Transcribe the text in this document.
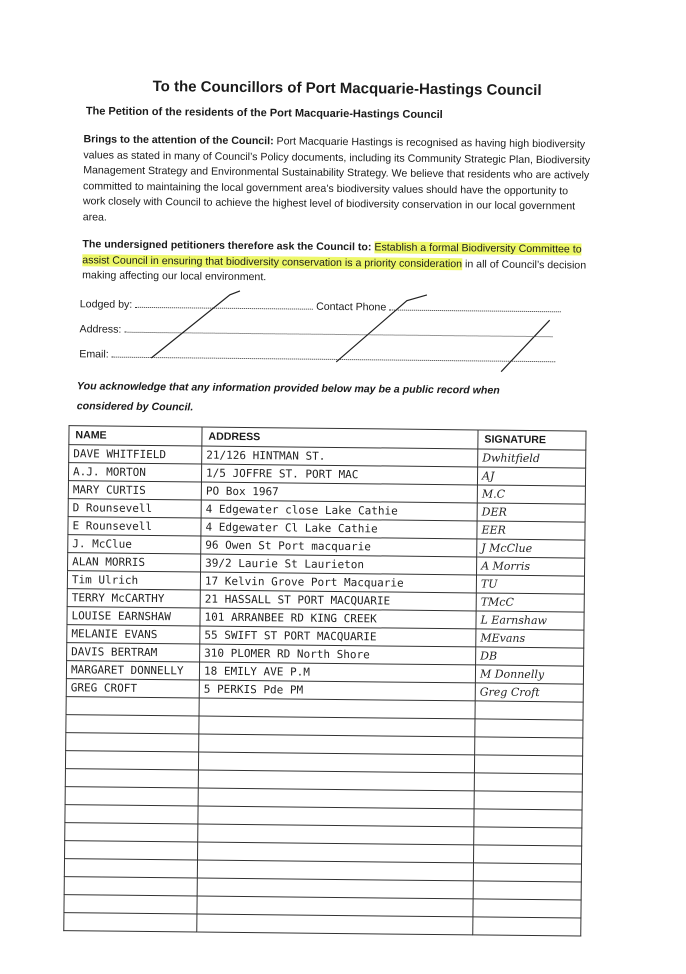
To the Councillors of Port Macquarie-Hastings Council
The Petition of the residents of the Port Macquarie-Hastings Council
Brings to the attention of the Council: Port Macquarie Hastings is recognised as having high biodiversity values as stated in many of Council’s Policy documents, including its Community Strategic Plan, Biodiversity Management Strategy and Environmental Sustainability Strategy. We believe that residents who are actively committed to maintaining the local government area’s biodiversity values should have the opportunity to work closely with Council to achieve the highest level of biodiversity conservation in our local government area.
The undersigned petitioners therefore ask the Council to: Establish a formal Biodiversity Committee to assist Council in ensuring that biodiversity conservation is a priority consideration in all of Council’s decision making affecting our local environment.
Lodged by:	Contact Phone
Address:
Email:
You acknowledge that any information provided below may be a public record when
considered by Council.
NAME	ADDRESS	SIGNATURE
DAVE WHITFIELD	21/126 HINTMAN ST.	Dwhitfield
A.J. MORTON	1/5 JOFFRE ST. PORT MAC	AJ
MARY CURTIS	PO Box 1967	M.C
D Rounsevell	4 Edgewater close Lake Cathie	DER
E Rounsevell	4 Edgewater Cl Lake Cathie	EER
J. McClue	96 Owen St Port macquarie	J McClue
ALAN MORRIS	39/2 Laurie St Laurieton	A Morris
Tim Ulrich	17 Kelvin Grove Port Macquarie	TU
TERRY McCARTHY	21 HASSALL ST PORT MACQUARIE	TMcC
LOUISE EARNSHAW	101 ARRANBEE RD KING CREEK	L Earnshaw
MELANIE EVANS	55 SWIFT ST PORT MACQUARIE	MEvans
DAVIS BERTRAM	310 PLOMER RD North Shore	DB
MARGARET DONNELLY	18 EMILY AVE P.M	M Donnelly
GREG CROFT	5 PERKIS Pde PM	Greg Croft
